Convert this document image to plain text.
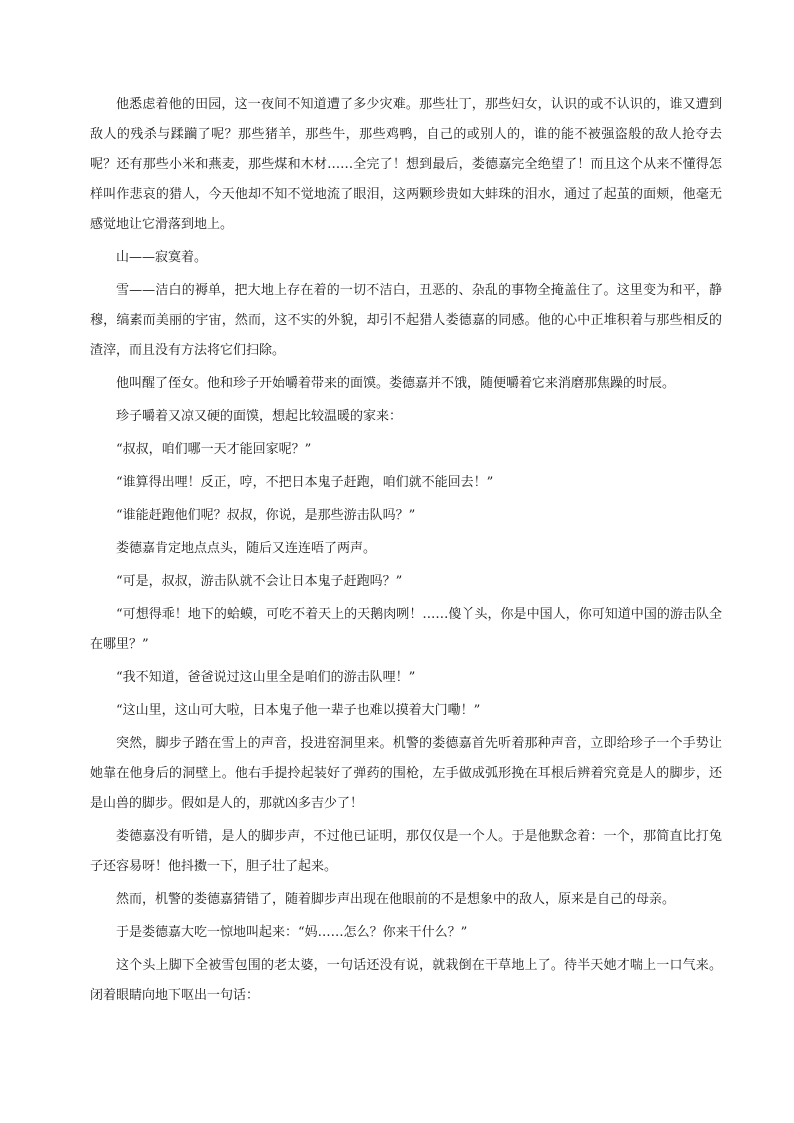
他悉虑着他的田园，这一夜间不知道遭了多少灾难。那些壮丁，那些妇女，认识的或不认识的，谁又遭到敌人的残杀与蹂躏了呢？那些猪羊，那些牛，那些鸡鸭，自己的或别人的，谁的能不被强盗般的敌人抢夺去呢？还有那些小米和燕麦，那些煤和木材……全完了！想到最后，娄德嘉完全绝望了！而且这个从来不懂得怎样叫作悲哀的猎人，今天他却不知不觉地流了眼泪，这两颗珍贵如大蚌珠的泪水，通过了起茧的面颊，他毫无感觉地让它滑落到地上。

山——寂寞着。

雪——洁白的褥单，把大地上存在着的一切不洁白，丑恶的、杂乱的事物全掩盖住了。这里变为和平，静穆，缟素而美丽的宇宙，然而，这不实的外貌，却引不起猎人娄德嘉的同感。他的心中正堆积着与那些相反的渣滓，而且没有方法将它们扫除。

他叫醒了侄女。他和珍子开始嚼着带来的面馍。娄德嘉并不饿，随便嚼着它来消磨那焦躁的时辰。

珍子嚼着又凉又硬的面馍，想起比较温暖的家来：

“叔叔，咱们哪一天才能回家呢？”

“谁算得出哩！反正，哼，不把日本鬼子赶跑，咱们就不能回去！”

“谁能赶跑他们呢？叔叔，你说，是那些游击队吗？”

娄德嘉肯定地点点头，随后又连连唔了两声。

“可是，叔叔，游击队就不会让日本鬼子赶跑吗？”

“可想得乖！地下的蛤蟆，可吃不着天上的天鹅肉咧！……傻丫头，你是中国人，你可知道中国的游击队全在哪里？”

“我不知道，爸爸说过这山里全是咱们的游击队哩！”

“这山里，这山可大啦，日本鬼子他一辈子也难以摸着大门嘞！”

突然，脚步子踏在雪上的声音，投进窑洞里来。机警的娄德嘉首先听着那种声音，立即给珍子一个手势让她靠在他身后的洞壁上。他右手提拎起装好了弹药的围枪，左手做成弧形挽在耳根后辨着究竟是人的脚步，还是山兽的脚步。假如是人的，那就凶多吉少了！

娄德嘉没有听错，是人的脚步声，不过他已证明，那仅仅是一个人。于是他默念着：一个，那简直比打兔子还容易呀！他抖擞一下，胆子壮了起来。

然而，机警的娄德嘉猜错了，随着脚步声出现在他眼前的不是想象中的敌人，原来是自己的母亲。

于是娄德嘉大吃一惊地叫起来：“妈……怎么？你来干什么？”

这个头上脚下全被雪包围的老太婆，一句话还没有说，就栽倒在干草地上了。待半天她才喘上一口气来。闭着眼睛向地下呕出一句话：
